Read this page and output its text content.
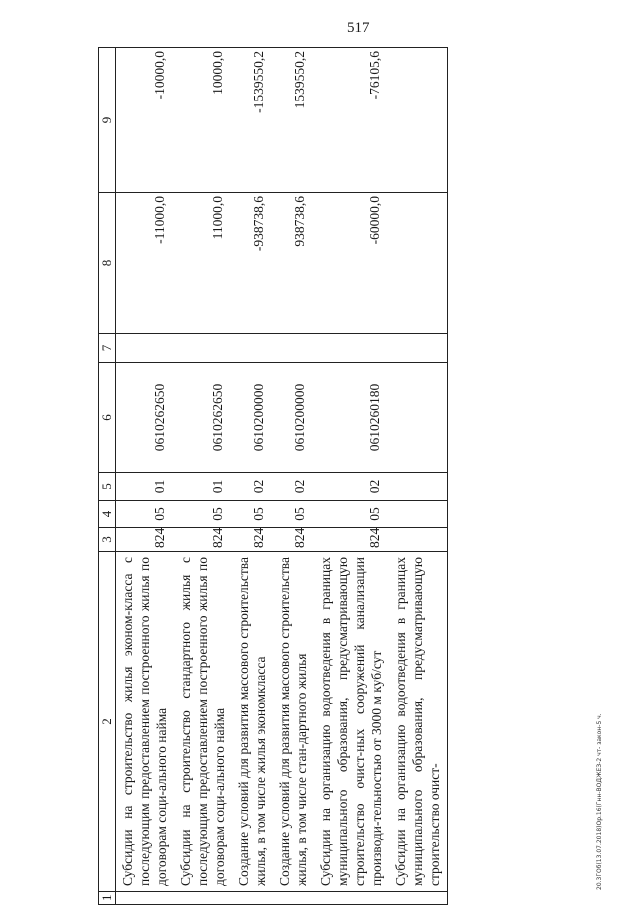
517
20.3ГОб(13.07.2018)Ор.16(Гнн-ВОДЖЕЗ-2 чт- закон-5 ч.
1	2	3	4	5	6	7	8	9
	Субсидии на строительство жилья эконом-класса с последующим предоставлением построенного жилья по договорам соци-ального найма	824	05	01	0610262650		-11000,0	-10000,0
	Субсидии на строительство стандартного жилья с последующим предоставлением построенного жилья по договорам соци-ального найма	824	05	01	0610262650		11000,0	10000,0
	Создание условий для развития массового строительства жилья, в том числе жилья экономкласса	824	05	02	0610200000		-938738,6	-1539550,2
	Создание условий для развития массового строительства жилья, в том числе стан-дартного жилья	824	05	02	0610200000		938738,6	1539550,2
	Субсидии на организацию водоотведения в границах муниципального образования, предусматривающую строительство очист-ных сооружений канализации производи-тельностью от 3000 м куб/сут	824	05	02	0610260180		-60000,0	-76105,6
	Субсидии на организацию водоотведения в границах муниципального образования, предусматривающую строительство очист-							
